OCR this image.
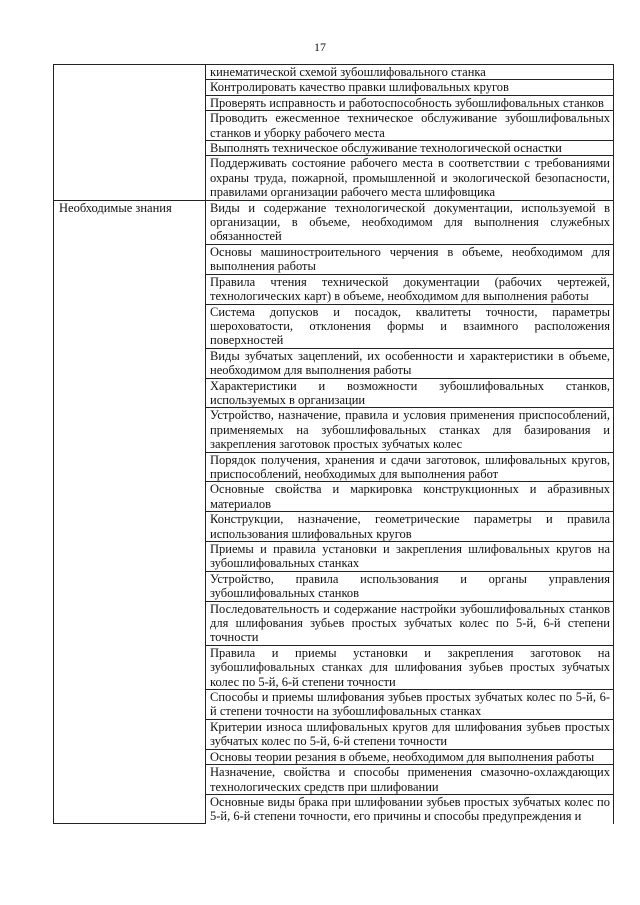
17
	кинематической схемой зубошлифовального станка
	Контролировать качество правки шлифовальных кругов
	Проверять исправность и работоспособность зубошлифовальных станков
	Проводить ежесменное техническое обслуживание зубошлифовальных станков и уборку рабочего места
	Выполнять техническое обслуживание технологической оснастки
	Поддерживать состояние рабочего места в соответствии с требованиями охраны труда, пожарной, промышленной и экологической безопасности, правилами организации рабочего места шлифовщика
Необходимые знания	Виды и содержание технологической документации, используемой в организации, в объеме, необходимом для выполнения служебных обязанностей
	Основы машиностроительного черчения в объеме, необходимом для выполнения работы
	Правила чтения технической документации (рабочих чертежей, технологических карт) в объеме, необходимом для выполнения работы
	Система допусков и посадок, квалитеты точности, параметры шероховатости, отклонения формы и взаимного расположения поверхностей
	Виды зубчатых зацеплений, их особенности и характеристики в объеме, необходимом для выполнения работы
	Характеристики и возможности зубошлифовальных станков, используемых в организации
	Устройство, назначение, правила и условия применения приспособлений, применяемых на зубошлифовальных станках для базирования и закрепления заготовок простых зубчатых колес
	Порядок получения, хранения и сдачи заготовок, шлифовальных кругов, приспособлений, необходимых для выполнения работ
	Основные свойства и маркировка конструкционных и абразивных материалов
	Конструкции, назначение, геометрические параметры и правила использования шлифовальных кругов
	Приемы и правила установки и закрепления шлифовальных кругов на зубошлифовальных станках
	Устройство, правила использования и органы управления зубошлифовальных станков
	Последовательность и содержание настройки зубошлифовальных станков для шлифования зубьев простых зубчатых колес по 5-й, 6-й степени точности
	Правила и приемы установки и закрепления заготовок на зубошлифовальных станках для шлифования зубьев простых зубчатых колес по 5-й, 6-й степени точности
	Способы и приемы шлифования зубьев простых зубчатых колес по 5-й, 6-й степени точности на зубошлифовальных станках
	Критерии износа шлифовальных кругов для шлифования зубьев простых зубчатых колес по 5-й, 6-й степени точности
	Основы теории резания в объеме, необходимом для выполнения работы
	Назначение, свойства и способы применения смазочно-охлаждающих технологических средств при шлифовании
	Основные виды брака при шлифовании зубьев простых зубчатых колес по 5-й, 6-й степени точности, его причины и способы предупреждения и
